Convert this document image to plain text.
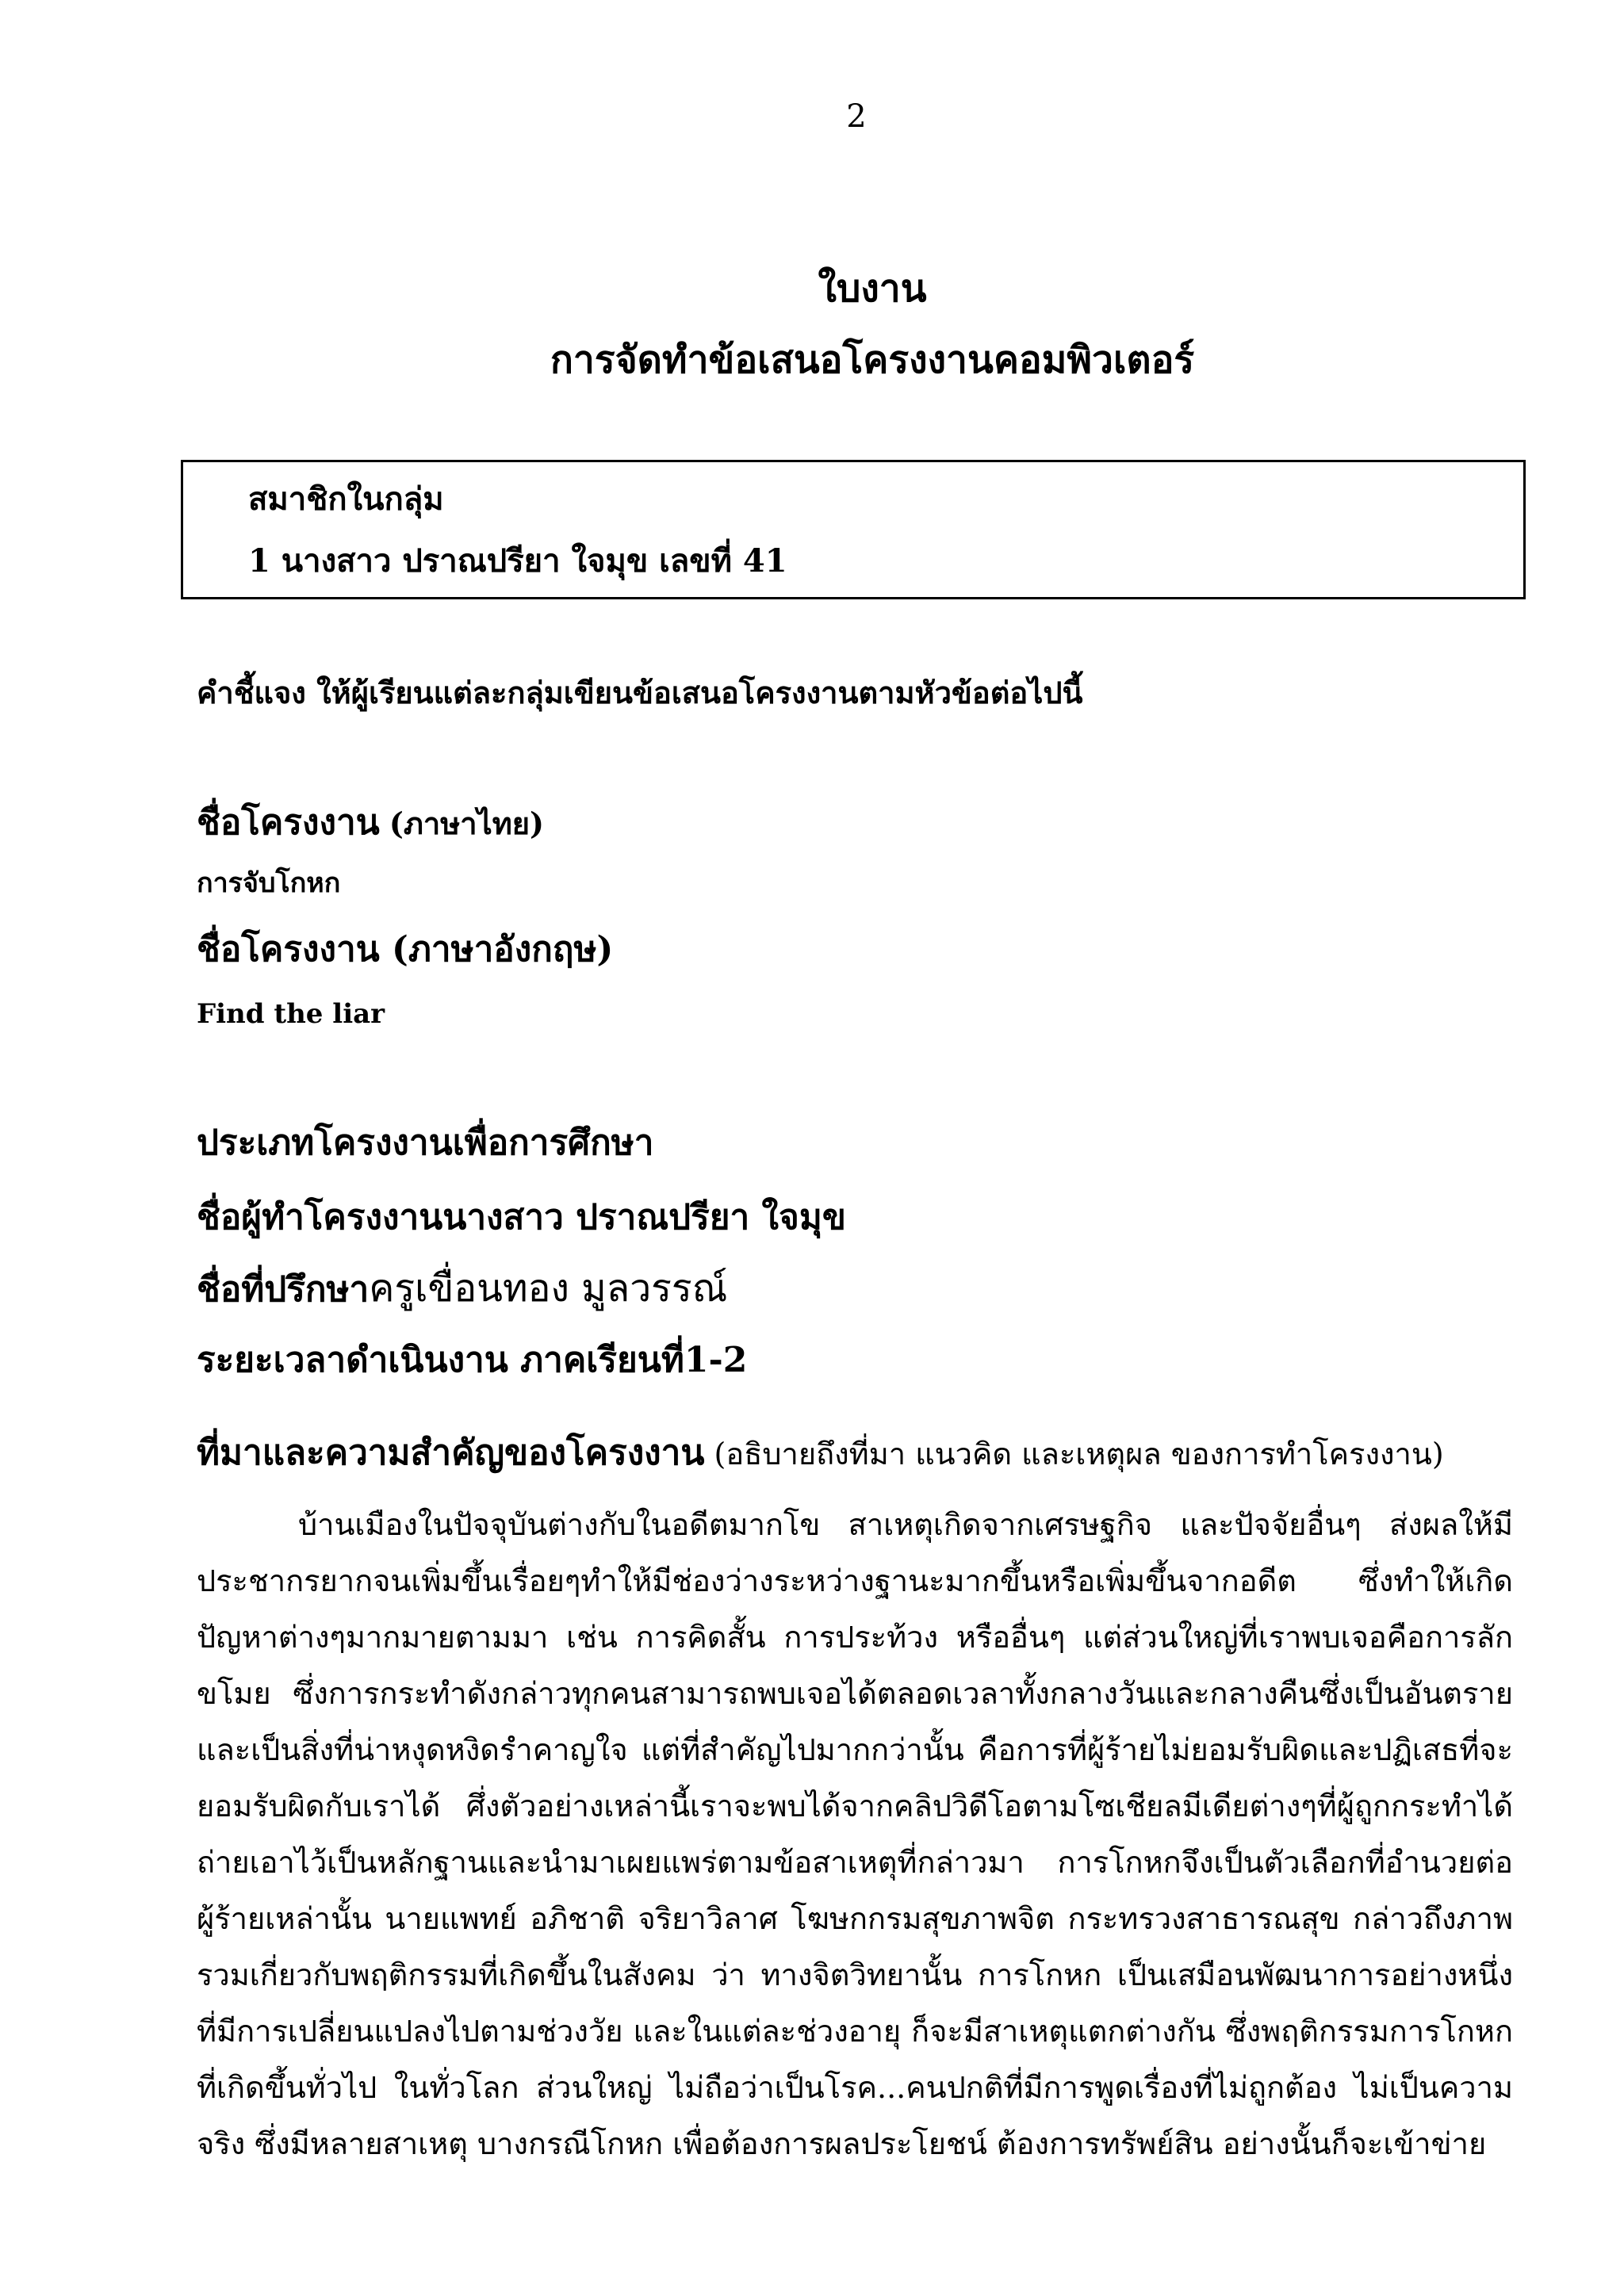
2
ใบงาน
การจัดทำข้อเสนอโครงงานคอมพิวเตอร์
สมาชิกในกลุ่ม
1 นางสาว ปราณปรียา ใจมุข เลขที่ 41
คำชี้แจง ให้ผู้เรียนแต่ละกลุ่มเขียนข้อเสนอโครงงานตามหัวข้อต่อไปนี้
ชื่อโครงงาน (ภาษาไทย)
การจับโกหก
ชื่อโครงงาน (ภาษาอังกฤษ)
Find the liar
ประเภทโครงงานเพื่อการศึกษา
ชื่อผู้ทำโครงงานนางสาว ปราณปรียา ใจมุข
ชื่อที่ปรึกษาครูเขื่อนทอง มูลวรรณ์
ระยะเวลาดำเนินงาน ภาคเรียนที่1-2
ที่มาและความสำคัญของโครงงาน (อธิบายถึงที่มา แนวคิด และเหตุผล ของการทำโครงงาน)
บ้านเมืองในปัจจุบันต่างกับในอดีตมากโข สาเหตุเกิดจากเศรษฐกิจ และปัจจัยอื่นๆ ส่งผลให้มีประชากรยากจนเพิ่มขึ้นเรื่อยๆทำให้มีช่องว่างระหว่างฐานะมากขึ้นหรือเพิ่มขึ้นจากอดีต ซึ่งทำให้เกิดปัญหาต่างๆมากมายตามมา เช่น การคิดสั้น การประท้วง หรืออื่นๆ แต่ส่วนใหญ่ที่เราพบเจอคือการลักขโมย ซึ่งการกระทำดังกล่าวทุกคนสามารถพบเจอได้ตลอดเวลาทั้งกลางวันและกลางคืนซึ่งเป็นอันตรายและเป็นสิ่งที่น่าหงุดหงิดรำคาญใจ แต่ที่สำคัญไปมากกว่านั้น คือการที่ผู้ร้ายไม่ยอมรับผิดและปฏิเสธที่จะยอมรับผิดกับเราได้ ศึ่งตัวอย่างเหล่านี้เราจะพบได้จากคลิปวิดีโอตามโซเชียลมีเดียต่างๆที่ผู้ถูกกระทำได้ถ่ายเอาไว้เป็นหลักฐานและนำมาเผยแพร่ตามข้อสาเหตุที่กล่าวมา การโกหกจึงเป็นตัวเลือกที่อำนวยต่อผู้ร้ายเหล่านั้น นายแพทย์ อภิชาติ จริยาวิลาศ โฆษกกรมสุขภาพจิต กระทรวงสาธารณสุข กล่าวถึงภาพรวมเกี่ยวกับพฤติกรรมที่เกิดขึ้นในสังคม ว่า ทางจิตวิทยานั้น การโกหก เป็นเสมือนพัฒนาการอย่างหนึ่ง ที่มีการเปลี่ยนแปลงไปตามช่วงวัย และในแต่ละช่วงอายุ ก็จะมีสาเหตุแตกต่างกัน ซึ่งพฤติกรรมการโกหก ที่เกิดขึ้นทั่วไป ในทั่วโลก ส่วนใหญ่ ไม่ถือว่าเป็นโรค...คนปกติที่มีการพูดเรื่องที่ไม่ถูกต้อง ไม่เป็นความจริง ซึ่งมีหลายสาเหตุ บางกรณีโกหก เพื่อต้องการผลประโยชน์ ต้องการทรัพย์สิน อย่างนั้นก็จะเข้าข่าย
